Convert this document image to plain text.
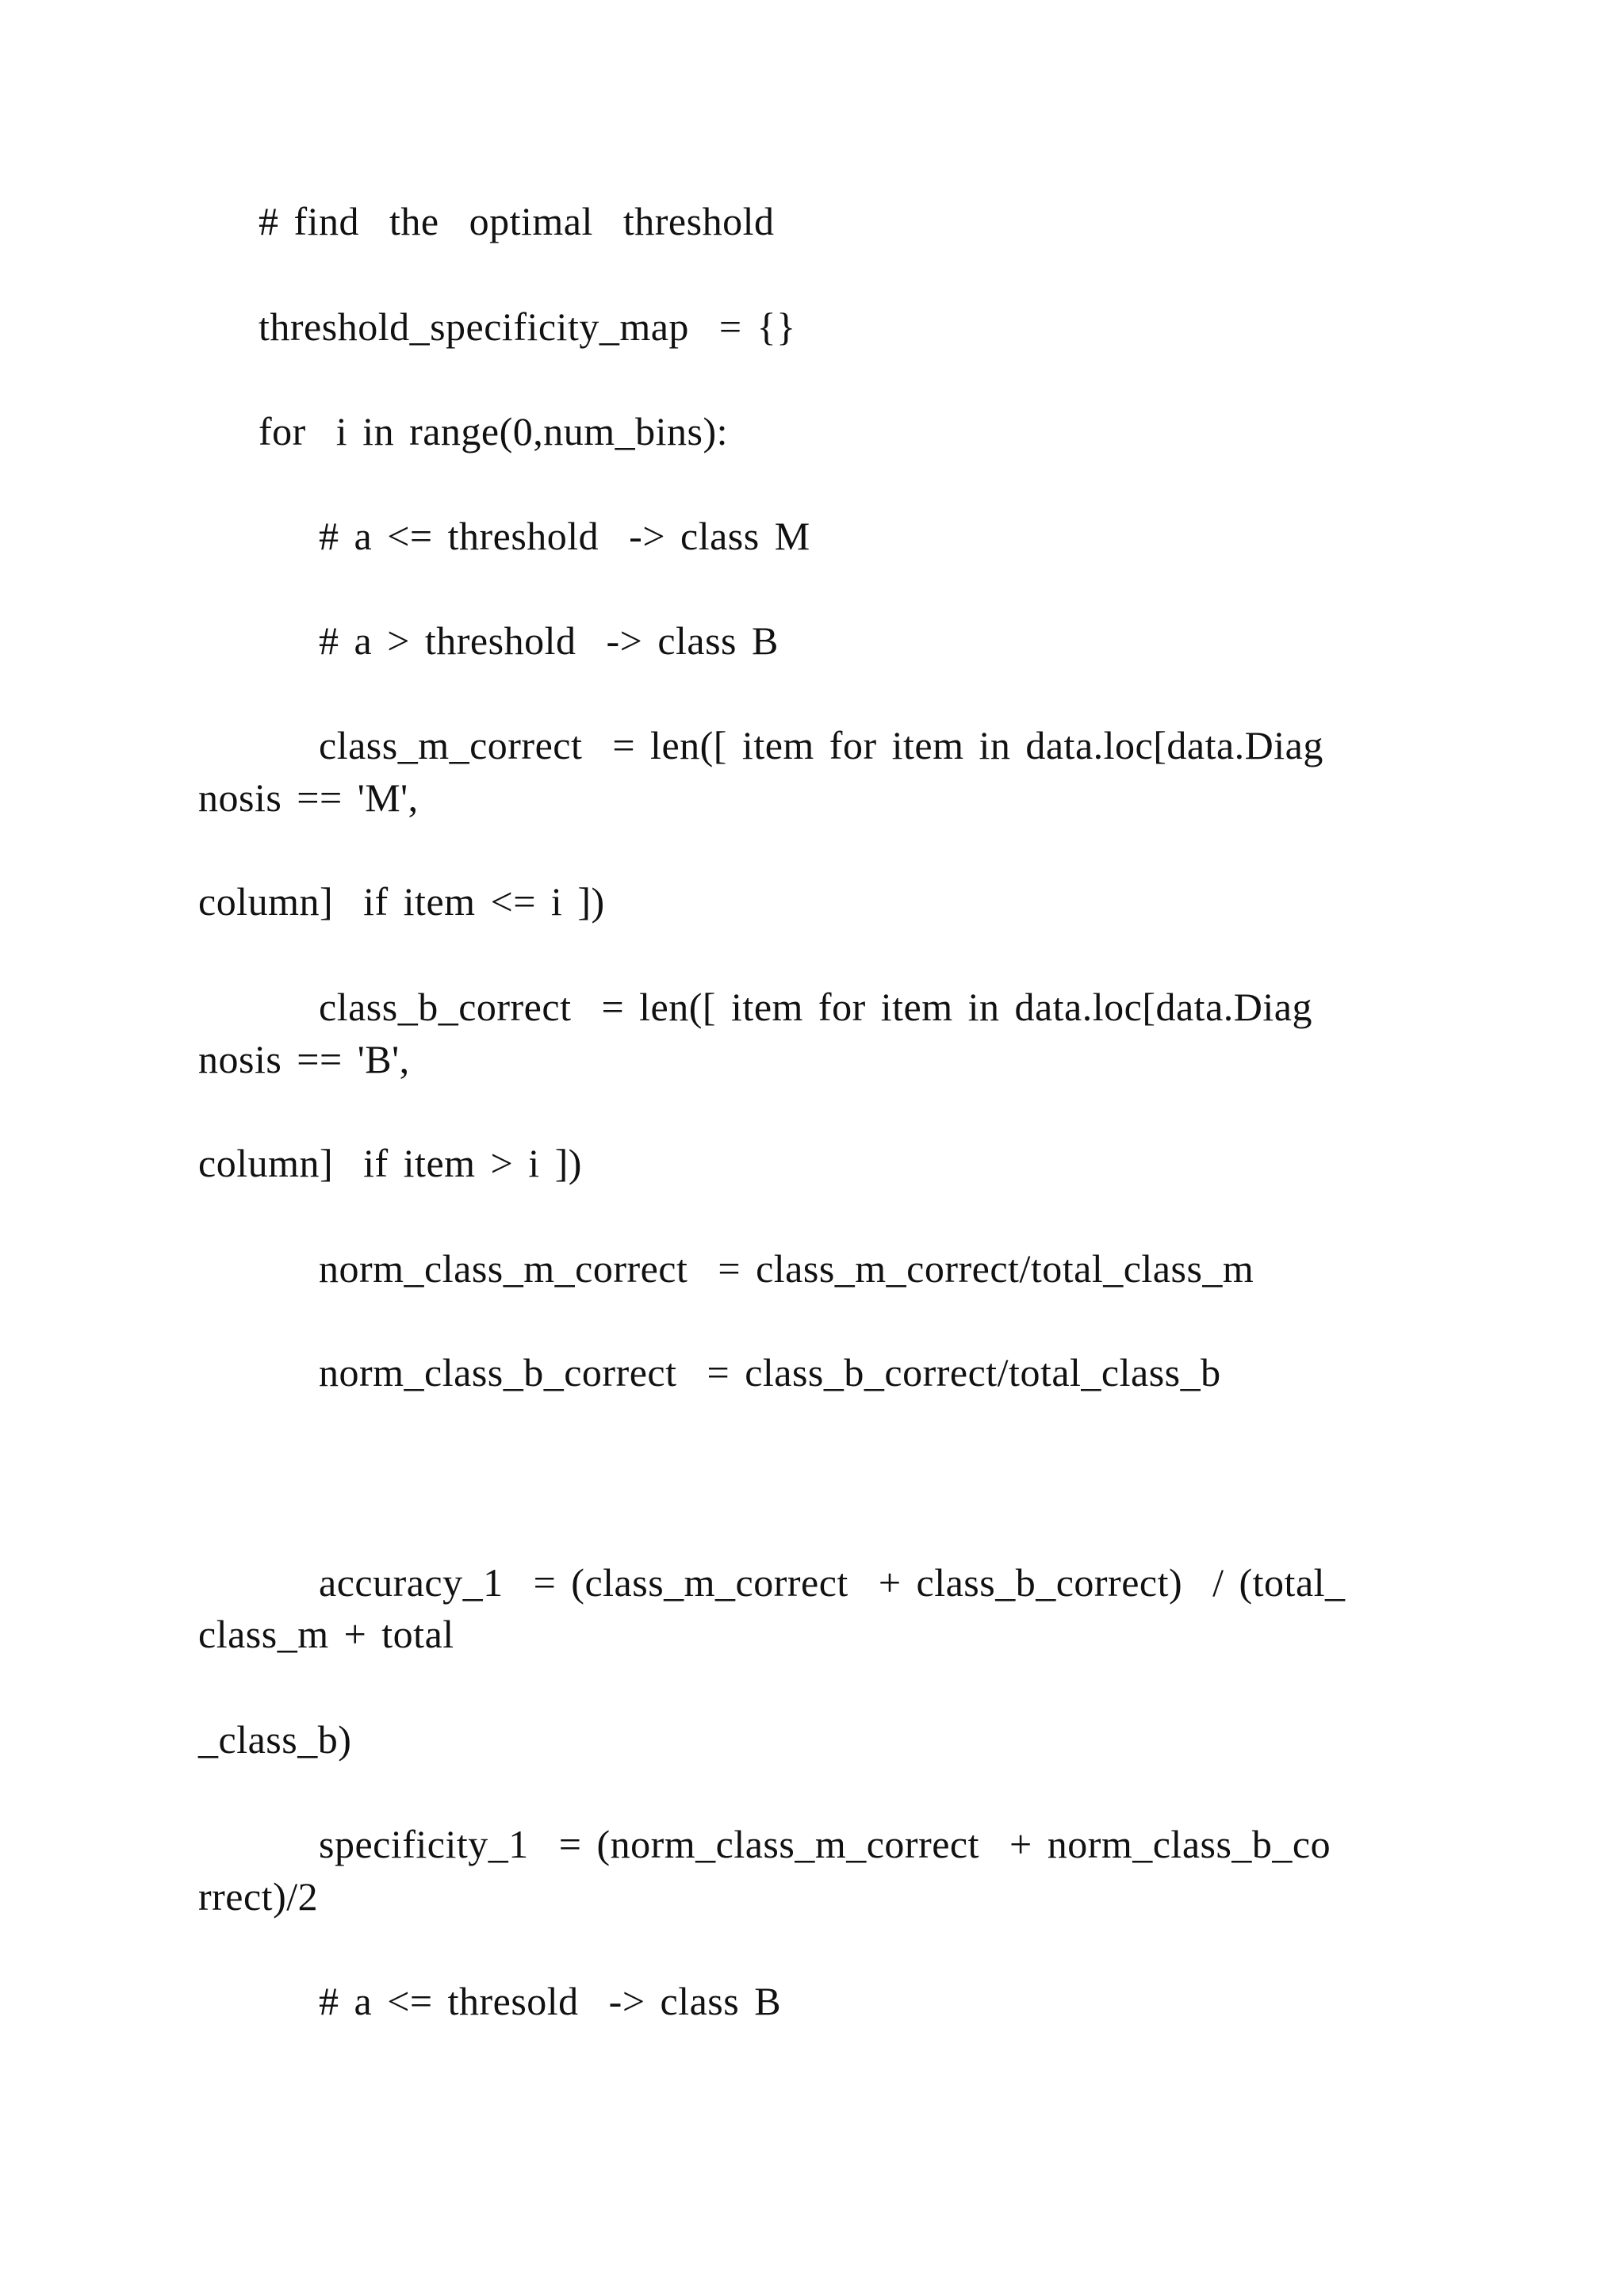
# find  the  optimal  threshold

threshold_specificity_map  = {}

for  i in range(0,num_bins):

# a <= threshold  -> class M

# a > threshold  -> class B

class_m_correct  = len([ item for item in data.loc[data.Diag

nosis == 'M',

column]  if item <= i ])

class_b_correct  = len([ item for item in data.loc[data.Diag

nosis == 'B',

column]  if item > i ])

norm_class_m_correct  = class_m_correct/total_class_m

norm_class_b_correct  = class_b_correct/total_class_b

accuracy_1  = (class_m_correct  + class_b_correct)  / (total_

class_m + total

_class_b)

specificity_1  = (norm_class_m_correct  + norm_class_b_co

rrect)/2

# a <= thresold  -> class B
